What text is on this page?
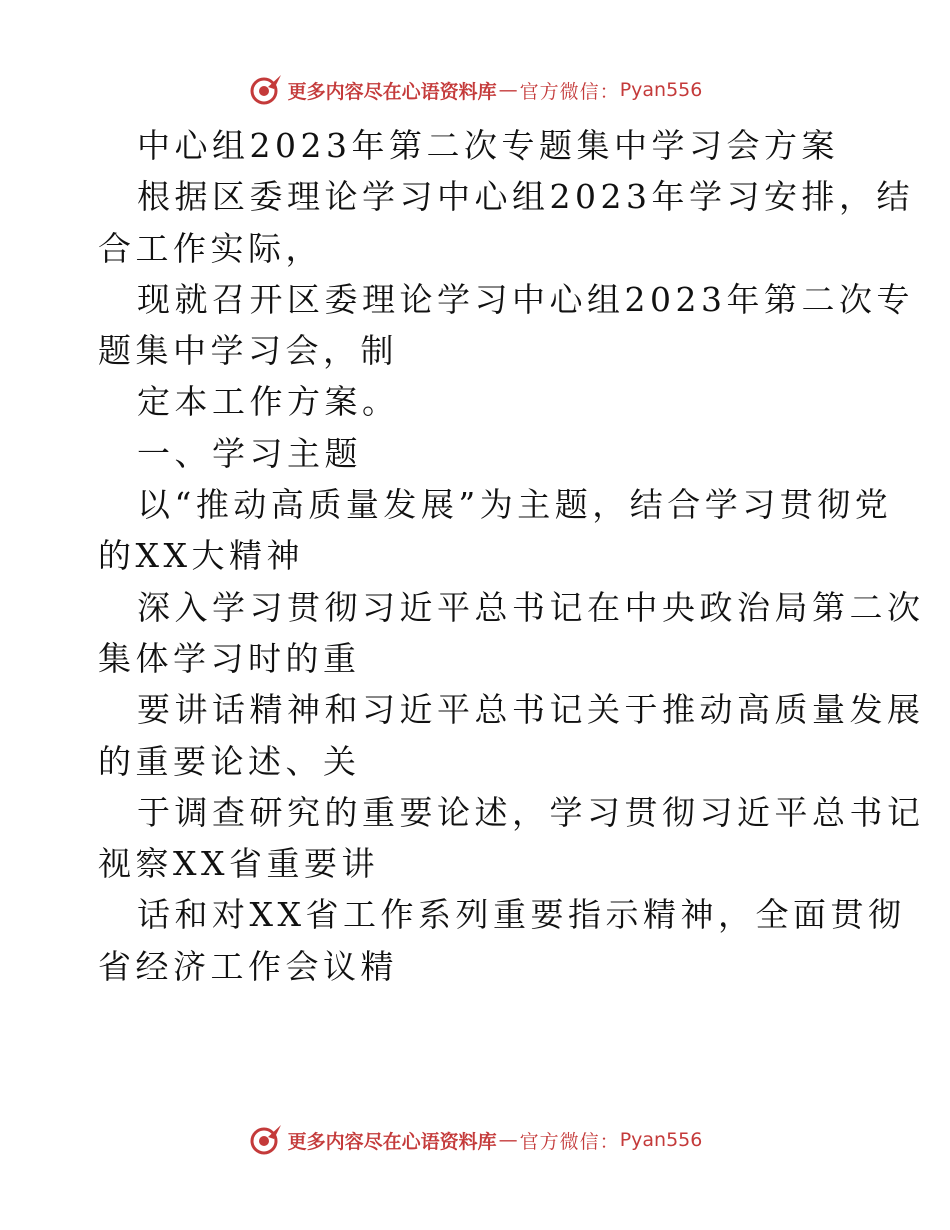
更多内容尽在心语资料库 — 官方微信： Pyan556

中心组2023年第二次专题集中学习会方案

根据区委理论学习中心组2023年学习安排，结

合工作实际，

现就召开区委理论学习中心组2023年第二次专

题集中学习会，制

定本工作方案。

一、学习主题

以“推动高质量发展”为主题，结合学习贯彻党

的XX大精神

深入学习贯彻习近平总书记在中央政治局第二次

集体学习时的重

要讲话精神和习近平总书记关于推动高质量发展

的重要论述、关

于调查研究的重要论述，学习贯彻习近平总书记

视察XX省重要讲

话和对XX省工作系列重要指示精神，全面贯彻

省经济工作会议精

更多内容尽在心语资料库 — 官方微信： Pyan556
